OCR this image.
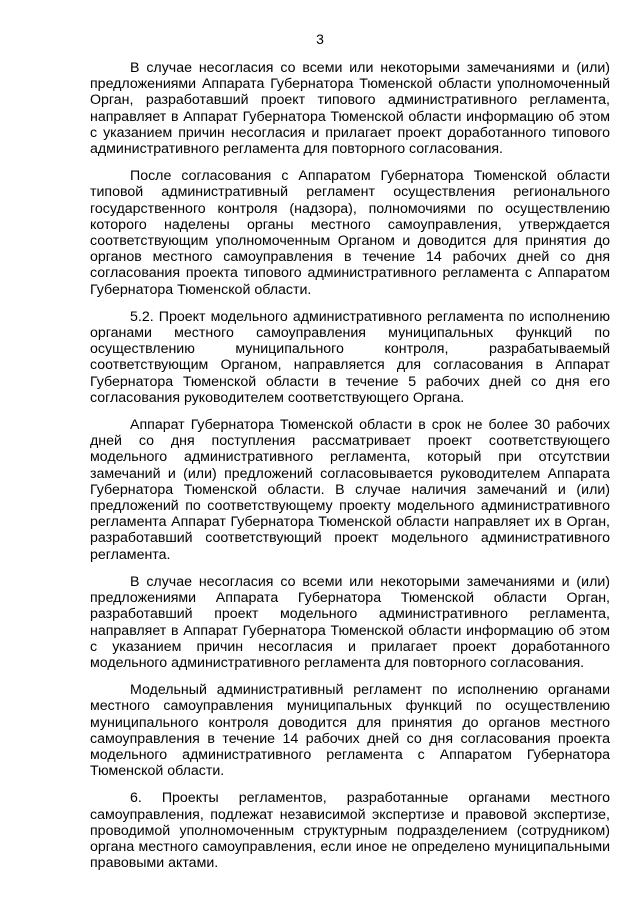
3

В случае несогласия со всеми или некоторыми замечаниями и (или) предложениями Аппарата Губернатора Тюменской области уполномоченный Орган, разработавший проект типового административного регламента, направляет в Аппарат Губернатора Тюменской области информацию об этом с указанием причин несогласия и прилагает проект доработанного типового административного регламента для повторного согласования.

После согласования с Аппаратом Губернатора Тюменской области типовой административный регламент осуществления регионального государственного контроля (надзора), полномочиями по осуществлению которого наделены органы местного самоуправления, утверждается соответствующим уполномоченным Органом и доводится для принятия до органов местного самоуправления в течение 14 рабочих дней со дня согласования проекта типового административного регламента с Аппаратом Губернатора Тюменской области.

5.2. Проект модельного административного регламента по исполнению органами местного самоуправления муниципальных функций по осуществлению муниципального контроля, разрабатываемый соответствующим Органом, направляется для согласования в Аппарат Губернатора Тюменской области в течение 5 рабочих дней со дня его согласования руководителем соответствующего Органа.

Аппарат Губернатора Тюменской области в срок не более 30 рабочих дней со дня поступления рассматривает проект соответствующего модельного административного регламента, который при отсутствии замечаний и (или) предложений согласовывается руководителем Аппарата Губернатора Тюменской области. В случае наличия замечаний и (или) предложений по соответствующему проекту модельного административного регламента Аппарат Губернатора Тюменской области направляет их в Орган, разработавший соответствующий проект модельного административного регламента.

В случае несогласия со всеми или некоторыми замечаниями и (или) предложениями Аппарата Губернатора Тюменской области Орган, разработавший проект модельного административного регламента, направляет в Аппарат Губернатора Тюменской области информацию об этом с указанием причин несогласия и прилагает проект доработанного модельного административного регламента для повторного согласования.

Модельный административный регламент по исполнению органами местного самоуправления муниципальных функций по осуществлению муниципального контроля доводится для принятия до органов местного самоуправления в течение 14 рабочих дней со дня согласования проекта модельного административного регламента с Аппаратом Губернатора Тюменской области.

6. Проекты регламентов, разработанные органами местного самоуправления, подлежат независимой экспертизе и правовой экспертизе, проводимой уполномоченным структурным подразделением (сотрудником) органа местного самоуправления, если иное не определено муниципальными правовыми актами.
